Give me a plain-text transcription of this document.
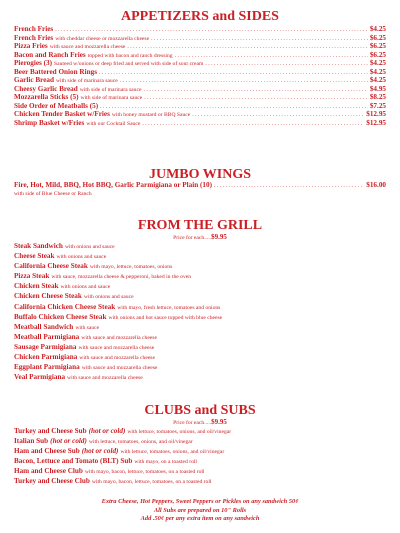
APPETIZERS and SIDES
French Fries . . .	$4.25
French Fries with cheddar cheese or mozzarella cheese . . .	$6.25
Pizza Fries with sauce and mozzarella cheese . . .	$6.25
Bacon and Ranch Fries topped with bacon and ranch dressing . . .	$6.25
Pierogies (3) Sauteed w/onions or deep fried and served with side of sour cream . . .	$4.25
Beer Battered Onion Rings . . .	$4.25
Garlic Bread with side of marinara sauce . . .	$4.25
Cheesy Garlic Bread with side of marinara sauce . . .	$4.95
Mozzarella Sticks (5) with side of marinara sauce . . .	$8.25
Side Order of Meatballs (5) . . .	$7.25
Chicken Tender Basket w/Fries with honey mustard or BBQ Sauce . . .	$12.95
Shrimp Basket w/Fries with our Cocktail Sauce . . .	$12.95
JUMBO WINGS
Fire, Hot, Mild, BBQ, Hot BBQ, Garlic Parmigiana or Plain (10) . . .	$16.00
with side of Blue Cheese or Ranch
FROM THE GRILL
Price for each.....$9.95
Steak Sandwich with onions and sauce
Cheese Steak with onions and sauce
California Cheese Steak with mayo, lettuce, tomatoes, onions
Pizza Steak with sauce, mozzarella cheese & pepperoni, baked in the oven
Chicken Steak with onions and sauce
Chicken Cheese Steak with onions and sauce
California Chicken Cheese Steak with mayo, fresh lettuce, tomatoes and onions
Buffalo Chicken Cheese Steak with onions and hot sauce topped with blue cheese
Meatball Sandwich with sauce
Meatball Parmigiana with sauce and mozzarella cheese
Sausage Parmigiana with sauce and mozzarella cheese
Chicken Parmigiana with sauce and mozzarella cheese
Eggplant Parmigiana with sauce and mozzarella cheese
Veal Parmigiana with sauce and mozzarella cheese
CLUBS and SUBS
Price for each.....$9.95
Turkey and Cheese Sub (hot or cold) with lettuce, tomatoes, onions, and oil/vinegar
Italian Sub (hot or cold) with lettuce, tomatoes, onions, and oil/vinegar
Ham and Cheese Sub (hot or cold) with lettuce, tomatoes, onions, and oil/vinegar
Bacon, Lettuce and Tomato (BLT) Sub with mayo, on a toasted roll
Ham and Cheese Club with mayo, bacon, lettuce, tomatoes, on a toasted roll
Turkey and Cheese Club with mayo, bacon, lettuce, tomatoes, on a toasted roll
Extra Cheese, Hot Peppers, Sweet Peppers or Pickles on any sandwich 50¢
All Subs are prepared on 10" Rolls
Add .50¢ per any extra item on any sandwich
